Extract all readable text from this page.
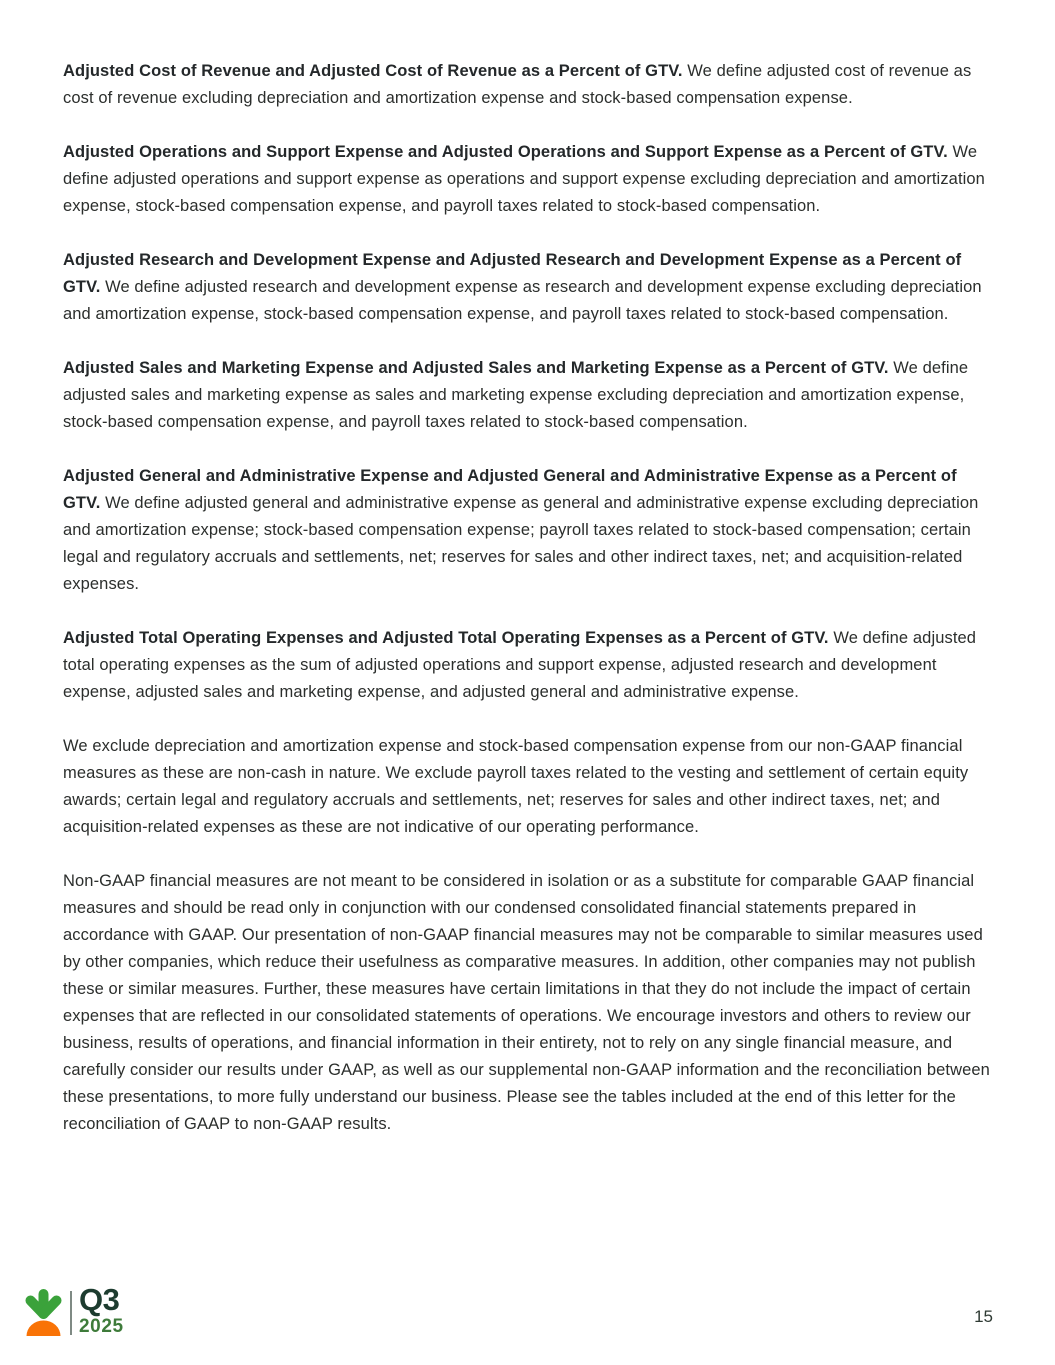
Adjusted Cost of Revenue and Adjusted Cost of Revenue as a Percent of GTV. We define adjusted cost of revenue as cost of revenue excluding depreciation and amortization expense and stock-based compensation expense.

Adjusted Operations and Support Expense and Adjusted Operations and Support Expense as a Percent of GTV. We define adjusted operations and support expense as operations and support expense excluding depreciation and amortization expense, stock-based compensation expense, and payroll taxes related to stock-based compensation.

Adjusted Research and Development Expense and Adjusted Research and Development Expense as a Percent of GTV. We define adjusted research and development expense as research and development expense excluding depreciation and amortization expense, stock-based compensation expense, and payroll taxes related to stock-based compensation.

Adjusted Sales and Marketing Expense and Adjusted Sales and Marketing Expense as a Percent of GTV. We define adjusted sales and marketing expense as sales and marketing expense excluding depreciation and amortization expense, stock-based compensation expense, and payroll taxes related to stock-based compensation.

Adjusted General and Administrative Expense and Adjusted General and Administrative Expense as a Percent of GTV. We define adjusted general and administrative expense as general and administrative expense excluding depreciation and amortization expense; stock-based compensation expense; payroll taxes related to stock-based compensation; certain legal and regulatory accruals and settlements, net; reserves for sales and other indirect taxes, net; and acquisition-related expenses.

Adjusted Total Operating Expenses and Adjusted Total Operating Expenses as a Percent of GTV. We define adjusted total operating expenses as the sum of adjusted operations and support expense, adjusted research and development expense, adjusted sales and marketing expense, and adjusted general and administrative expense.

We exclude depreciation and amortization expense and stock-based compensation expense from our non-GAAP financial measures as these are non-cash in nature. We exclude payroll taxes related to the vesting and settlement of certain equity awards; certain legal and regulatory accruals and settlements, net; reserves for sales and other indirect taxes, net; and acquisition-related expenses as these are not indicative of our operating performance.

Non-GAAP financial measures are not meant to be considered in isolation or as a substitute for comparable GAAP financial measures and should be read only in conjunction with our condensed consolidated financial statements prepared in accordance with GAAP. Our presentation of non-GAAP financial measures may not be comparable to similar measures used by other companies, which reduce their usefulness as comparative measures. In addition, other companies may not publish these or similar measures. Further, these measures have certain limitations in that they do not include the impact of certain expenses that are reflected in our consolidated statements of operations. We encourage investors and others to review our business, results of operations, and financial information in their entirety, not to rely on any single financial measure, and carefully consider our results under GAAP, as well as our supplemental non-GAAP information and the reconciliation between these presentations, to more fully understand our business. Please see the tables included at the end of this letter for the reconciliation of GAAP to non-GAAP results.

Q3
2025	15
